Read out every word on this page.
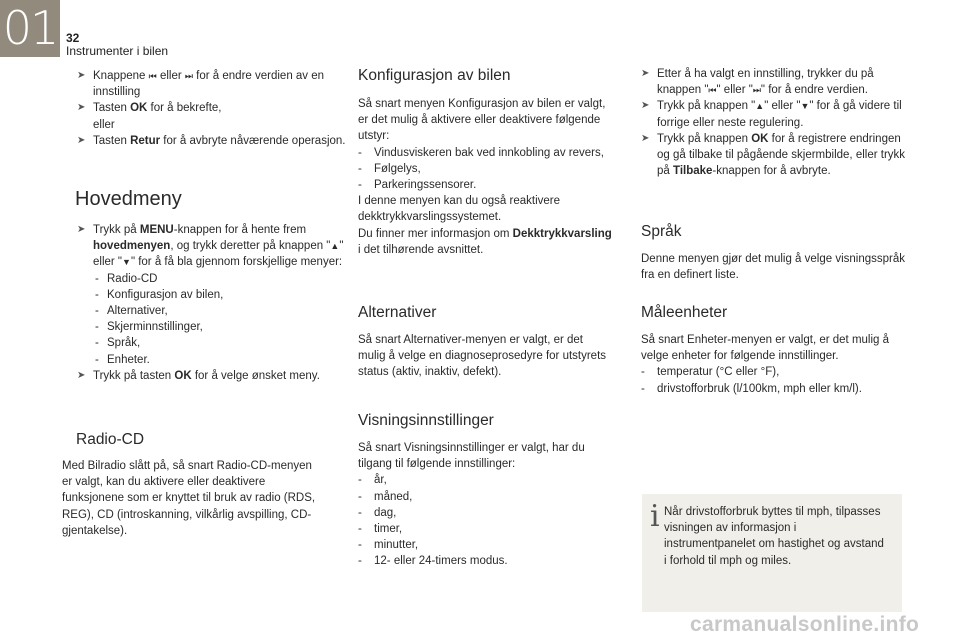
01 32
Instrumenter i bilen

➤ Knappene ⏮ eller ⏭ for å endre verdien av en innstilling

➤ Tasten OK for å bekrefte,
eller

➤ Tasten Retur for å avbryte nåværende operasjon.

Hovedmeny

➤ Trykk på MENU-knappen for å hente frem hovedmenyen, og trykk deretter på knappen "▲" eller "▼" for å få bla gjennom forskjellige menyer:

- Radio-CD

- Konfigurasjon av bilen,

- Alternativer,

- Skjerminnstillinger,

- Språk,

- Enheter.

➤ Trykk på tasten OK for å velge ønsket meny.

Radio-CD

Med Bilradio slått på, så snart Radio-CD-menyen er valgt, kan du aktivere eller deaktivere funksjonene som er knyttet til bruk av radio (RDS, REG), CD (introskanning, vilkårlig avspilling, CD-gjentakelse).

Konfigurasjon av bilen

Så snart menyen Konfigurasjon av bilen er valgt, er det mulig å aktivere eller deaktivere følgende utstyr:

- Vindusviskeren bak ved innkobling av revers,

- Følgelys,

- Parkeringssensorer.

I denne menyen kan du også reaktivere dekktrykkvarslingssystemet.

Du finner mer informasjon om Dekktrykkvarsling i det tilhørende avsnittet.

Alternativer

Så snart Alternativer-menyen er valgt, er det mulig å velge en diagnoseprosedyre for utstyrets status (aktiv, inaktiv, defekt).

Visningsinnstillinger

Så snart Visningsinnstillinger er valgt, har du tilgang til følgende innstillinger:

- år,

- måned,

- dag,

- timer,

- minutter,

- 12- eller 24-timers modus.

➤ Etter å ha valgt en innstilling, trykker du på knappen "⏮" eller "⏭" for å endre verdien.

➤ Trykk på knappen "▲" eller "▼" for å gå videre til forrige eller neste regulering.

➤ Trykk på knappen OK for å registrere endringen og gå tilbake til pågående skjermbilde, eller trykk på Tilbake-knappen for å avbryte.

Språk

Denne menyen gjør det mulig å velge visningsspråk fra en definert liste.

Måleenheter

Så snart Enheter-menyen er valgt, er det mulig å velge enheter for følgende innstillinger.

- temperatur (°C eller °F),

- drivstofforbruk (l/100km, mph eller km/l).

i Når drivstofforbruk byttes til mph, tilpasses visningen av informasjon i instrumentpanelet om hastighet og avstand i forhold til mph og miles.
carmanualsonline.info
